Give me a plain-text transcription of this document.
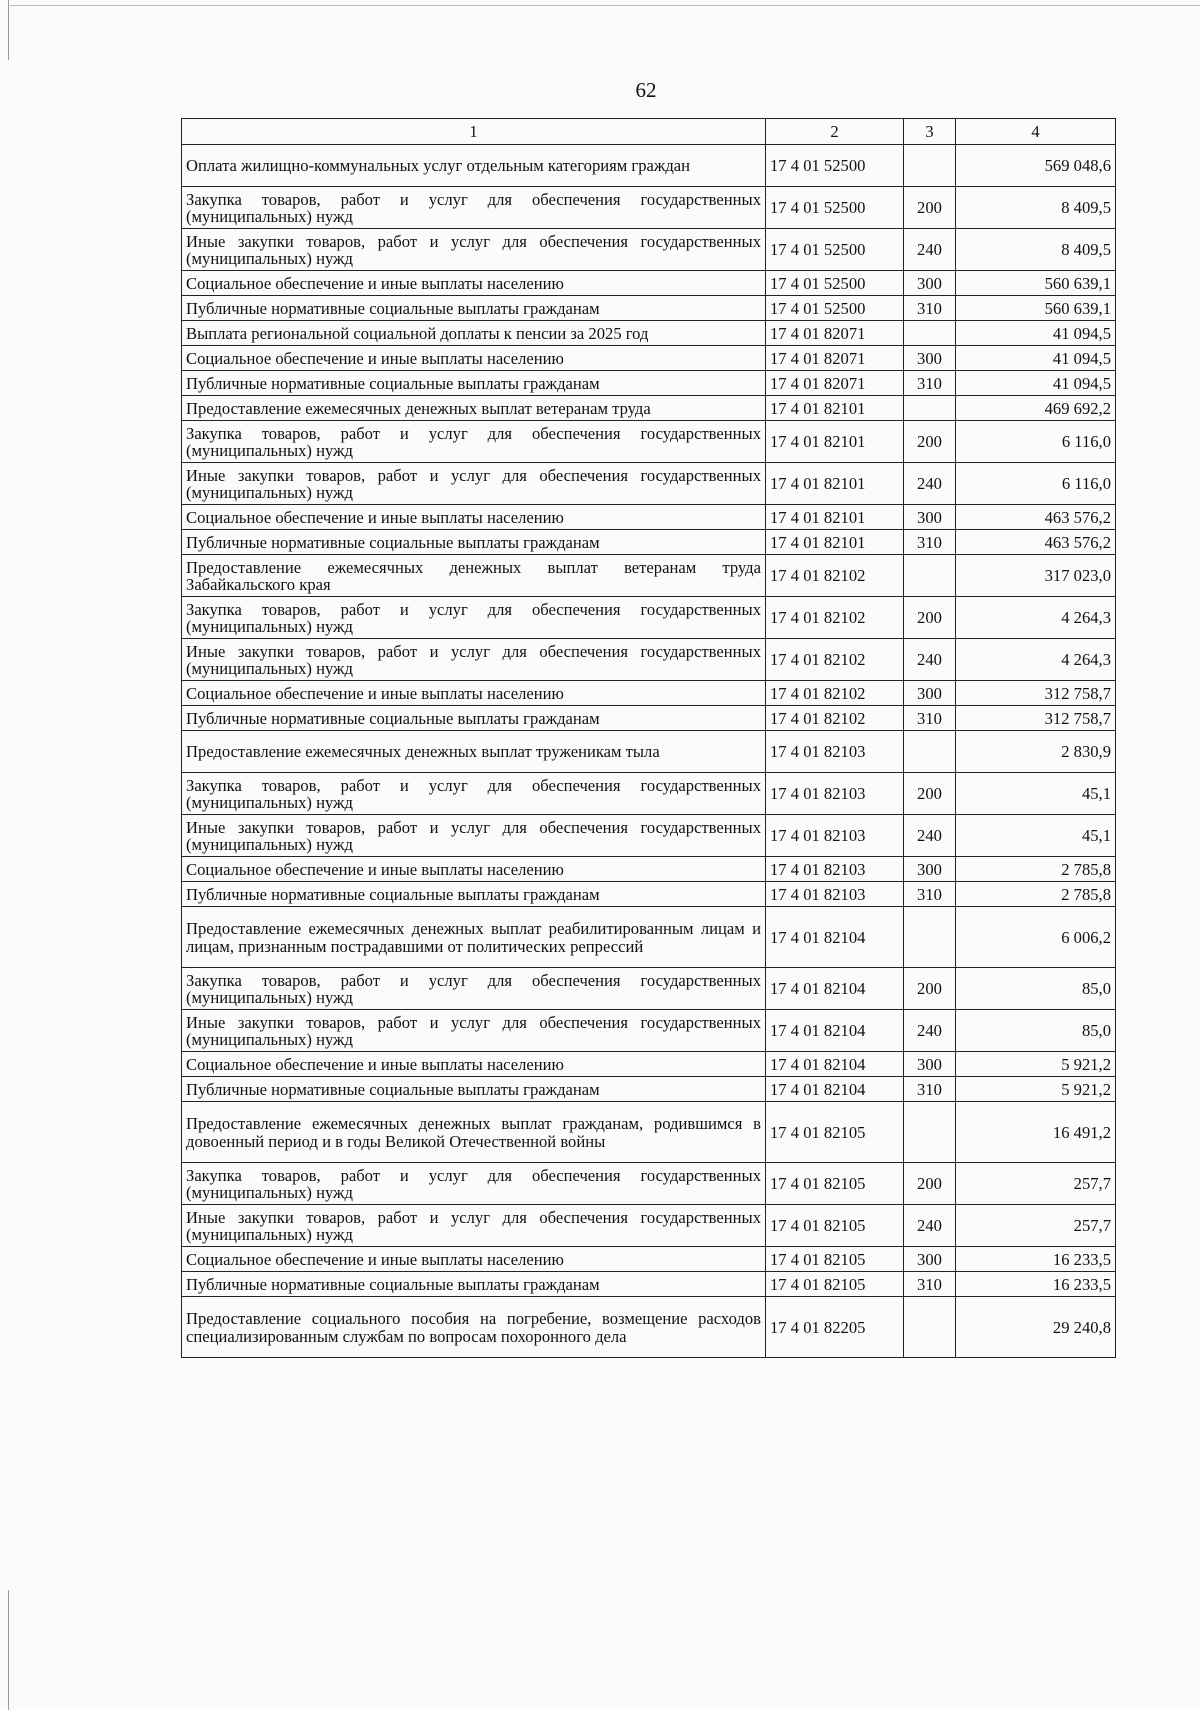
62
1	2	3	4
Оплата жилищно-коммунальных услуг отдельным категориям граждан	17 4 01 52500		569 048,6
Закупка товаров, работ и услуг для обеспечения государственных (муниципальных) нужд	17 4 01 52500	200	8 409,5
Иные закупки товаров, работ и услуг для обеспечения государственных (муниципальных) нужд	17 4 01 52500	240	8 409,5
Социальное обеспечение и иные выплаты населению	17 4 01 52500	300	560 639,1
Публичные нормативные социальные выплаты гражданам	17 4 01 52500	310	560 639,1
Выплата региональной социальной доплаты к пенсии за 2025 год	17 4 01 82071		41 094,5
Социальное обеспечение и иные выплаты населению	17 4 01 82071	300	41 094,5
Публичные нормативные социальные выплаты гражданам	17 4 01 82071	310	41 094,5
Предоставление ежемесячных денежных выплат ветеранам труда	17 4 01 82101		469 692,2
Закупка товаров, работ и услуг для обеспечения государственных (муниципальных) нужд	17 4 01 82101	200	6 116,0
Иные закупки товаров, работ и услуг для обеспечения государственных (муниципальных) нужд	17 4 01 82101	240	6 116,0
Социальное обеспечение и иные выплаты населению	17 4 01 82101	300	463 576,2
Публичные нормативные социальные выплаты гражданам	17 4 01 82101	310	463 576,2
Предоставление ежемесячных денежных выплат ветеранам труда Забайкальского края	17 4 01 82102		317 023,0
Закупка товаров, работ и услуг для обеспечения государственных (муниципальных) нужд	17 4 01 82102	200	4 264,3
Иные закупки товаров, работ и услуг для обеспечения государственных (муниципальных) нужд	17 4 01 82102	240	4 264,3
Социальное обеспечение и иные выплаты населению	17 4 01 82102	300	312 758,7
Публичные нормативные социальные выплаты гражданам	17 4 01 82102	310	312 758,7
Предоставление ежемесячных денежных выплат труженикам тыла	17 4 01 82103		2 830,9
Закупка товаров, работ и услуг для обеспечения государственных (муниципальных) нужд	17 4 01 82103	200	45,1
Иные закупки товаров, работ и услуг для обеспечения государственных (муниципальных) нужд	17 4 01 82103	240	45,1
Социальное обеспечение и иные выплаты населению	17 4 01 82103	300	2 785,8
Публичные нормативные социальные выплаты гражданам	17 4 01 82103	310	2 785,8
Предоставление ежемесячных денежных выплат реабилитированным лицам и лицам, признанным пострадавшими от политических репрессий	17 4 01 82104		6 006,2
Закупка товаров, работ и услуг для обеспечения государственных (муниципальных) нужд	17 4 01 82104	200	85,0
Иные закупки товаров, работ и услуг для обеспечения государственных (муниципальных) нужд	17 4 01 82104	240	85,0
Социальное обеспечение и иные выплаты населению	17 4 01 82104	300	5 921,2
Публичные нормативные социальные выплаты гражданам	17 4 01 82104	310	5 921,2
Предоставление ежемесячных денежных выплат гражданам, родившимся в довоенный период и в годы Великой Отечественной войны	17 4 01 82105		16 491,2
Закупка товаров, работ и услуг для обеспечения государственных (муниципальных) нужд	17 4 01 82105	200	257,7
Иные закупки товаров, работ и услуг для обеспечения государственных (муниципальных) нужд	17 4 01 82105	240	257,7
Социальное обеспечение и иные выплаты населению	17 4 01 82105	300	16 233,5
Публичные нормативные социальные выплаты гражданам	17 4 01 82105	310	16 233,5
Предоставление социального пособия на погребение, возмещение расходов специализированным службам по вопросам похоронного дела	17 4 01 82205		29 240,8
